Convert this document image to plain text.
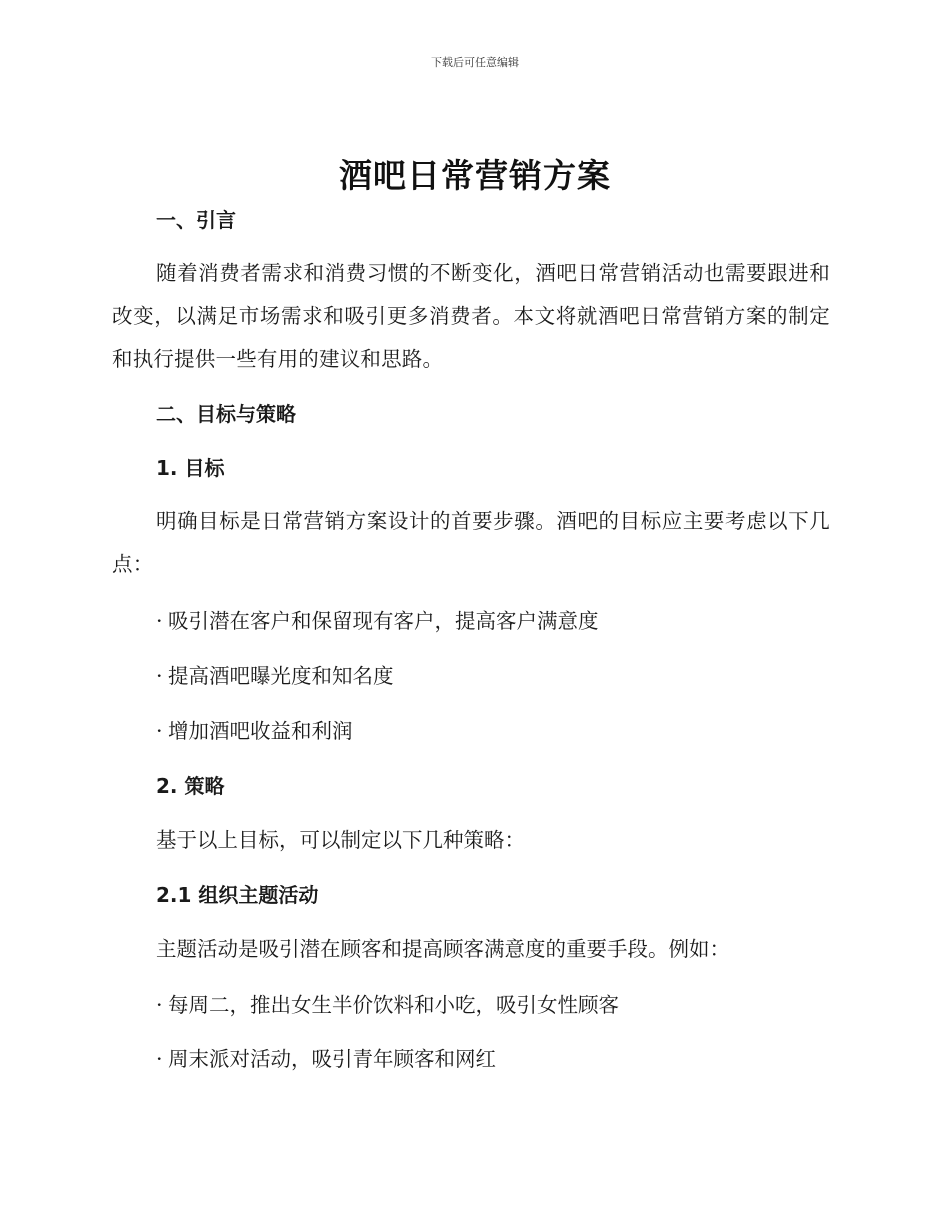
下载后可任意编辑
酒吧日常营销方案
一、引言
随着消费者需求和消费习惯的不断变化，酒吧日常营销活动也需要跟进和改变，以满足市场需求和吸引更多消费者。本文将就酒吧日常营销方案的制定和执行提供一些有用的建议和思路。
二、目标与策略
1. 目标
明确目标是日常营销方案设计的首要步骤。酒吧的目标应主要考虑以下几点：
· 吸引潜在客户和保留现有客户，提高客户满意度
· 提高酒吧曝光度和知名度
· 增加酒吧收益和利润
2. 策略
基于以上目标，可以制定以下几种策略：
2.1 组织主题活动
主题活动是吸引潜在顾客和提高顾客满意度的重要手段。例如：
· 每周二，推出女生半价饮料和小吃，吸引女性顾客
· 周末派对活动，吸引青年顾客和网红
